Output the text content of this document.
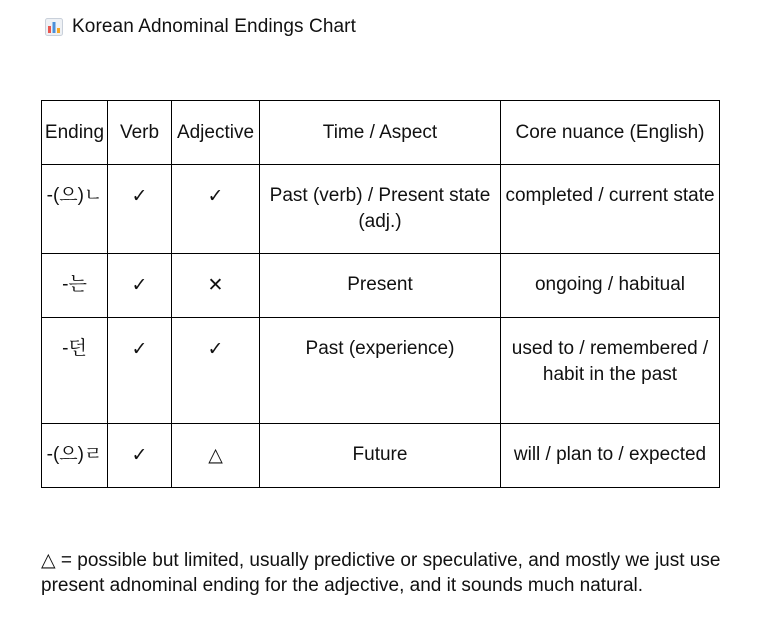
Korean Adnominal Endings Chart
Ending	Verb	Adjective	Time / Aspect	Core nuance (English)
-(으)ㄴ	✓	✓	Past (verb) / Present state (adj.)	completed / current state
-는	✓	✕	Present	ongoing / habitual
-던	✓	✓	Past (experience)	used to / remembered / habit in the past
-(으)ㄹ	✓	△	Future	will / plan to / expected

△ = possible but limited, usually predictive or speculative, and mostly we just use present adnominal ending for the adjective, and it sounds much natural.
